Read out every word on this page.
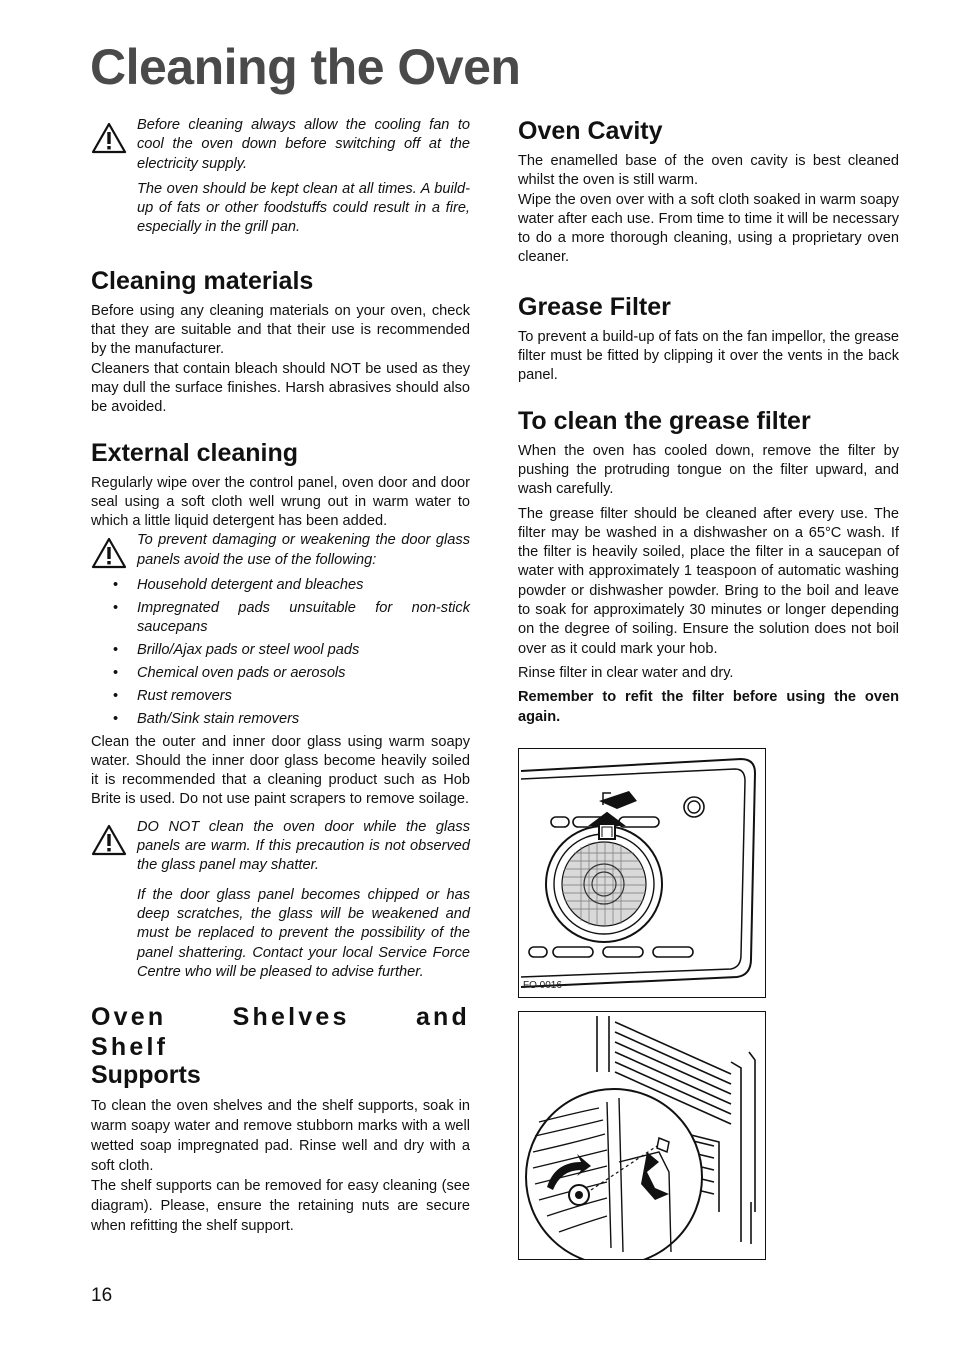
Cleaning the Oven

Before cleaning always allow the cooling fan to cool the oven down before switching off at the electricity supply.

The oven should be kept clean at all times. A build-up of fats or other foodstuffs could result in a fire, especially in the grill pan.

Cleaning materials

Before using any cleaning materials on your oven, check that they are suitable and that their use is recommended by the manufacturer.

Cleaners that contain bleach should NOT be used as they may dull the surface finishes. Harsh abrasives should also be avoided.

External cleaning

Regularly wipe over the control panel, oven door and door seal using a soft cloth well wrung out in warm water to which a little liquid detergent has been added.

To prevent damaging or weakening the door glass panels avoid the use of the following:

• Household detergent and bleaches
• Impregnated pads unsuitable for non-stick saucepans
• Brillo/Ajax pads or steel wool pads
• Chemical oven pads or aerosols
• Rust removers
• Bath/Sink stain removers

Clean the outer and inner door glass using warm soapy water. Should the inner door glass become heavily soiled it is recommended that a cleaning product such as Hob Brite is used. Do not use paint scrapers to remove soilage.

DO NOT clean the oven door while the glass panels are warm. If this precaution is not observed the glass panel may shatter.

If the door glass panel becomes chipped or has deep scratches, the glass will be weakened and must be replaced to prevent the possibility of the panel shattering. Contact your local Service Force Centre who will be pleased to advise further.

Oven Shelves and Shelf
Supports

To clean the oven shelves and the shelf supports, soak in warm soapy water and remove stubborn marks with a well wetted soap impregnated pad. Rinse well and dry with a soft cloth.

The shelf supports can be removed for easy cleaning (see diagram). Please, ensure the retaining nuts are secure when refitting the shelf support.

Oven Cavity

The enamelled base of the oven cavity is best cleaned whilst the oven is still warm.

Wipe the oven over with a soft cloth soaked in warm soapy water after each use. From time to time it will be necessary to do a more thorough cleaning, using a proprietary oven cleaner.

Grease Filter

To prevent a build-up of fats on the fan impellor, the grease filter must be fitted by clipping it over the vents in the back panel.

To clean the grease filter

When the oven has cooled down, remove the filter by pushing the protruding tongue on the filter upward, and wash carefully.

The grease filter should be cleaned after every use. The filter may be washed in a dishwasher on a 65°C wash. If the filter is heavily soiled, place the filter in a saucepan of water with approximately 1 teaspoon of automatic washing powder or dishwasher powder. Bring to the boil and leave to soak for approximately 30 minutes or longer depending on the degree of soiling. Ensure the solution does not boil over as it could mark your hob.

Rinse filter in clear water and dry.

Remember to refit the filter before using the oven again.

FO 0016
16
